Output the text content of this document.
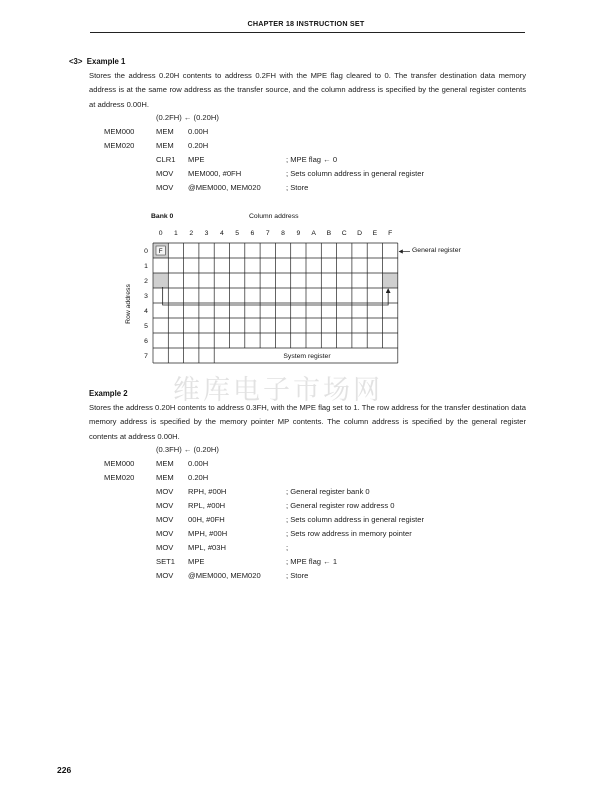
CHAPTER 18 INSTRUCTION SET
<3> Example 1
Stores the address 0.20H contents to address 0.2FH with the MPE flag cleared to 0. The transfer destination data memory address is at the same row address as the transfer source, and the column address is specified by the general register contents at address 0.00H.
(0.2FH) ← (0.20H)
MEM000	MEM 0.00H
MEM020	MEM 0.20H
CLR1 MPE	; MPE flag ← 0
MOV MEM000, #0FH	; Sets column address in general register
MOV @MEM000, MEM020	; Store
Bank 0	Column address
Row address
F
0 1 2 3 4 5 6 7 8 9 A B C D E F
0
1
2
3
4
5
6
7
General register
System register
维库电子市场网
Example 2
Stores the address 0.20H contents to address 0.3FH, with the MPE flag set to 1. The row address for the transfer destination data memory address is specified by the memory pointer MP contents. The column address is specified by the general register contents at address 0.00H.
(0.3FH) ← (0.20H)
MEM000	MEM 0.00H
MEM020	MEM 0.20H
MOV RPH, #00H	; General register bank 0
MOV RPL, #00H	; General register row address 0
MOV 00H, #0FH	; Sets column address in general register
MOV MPH, #00H	; Sets row address in memory pointer
MOV MPL, #03H	;
SET1 MPE	; MPE flag ← 1
MOV @MEM000, MEM020	; Store
226
